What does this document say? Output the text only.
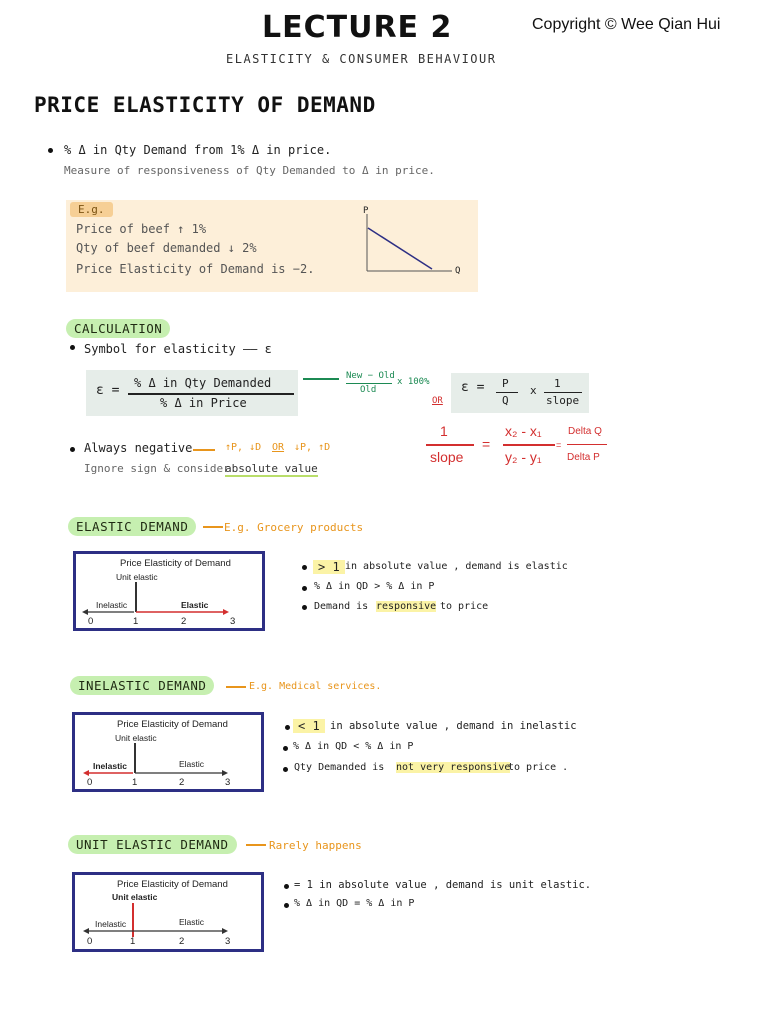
LECTURE 2
ELASTICITY & CONSUMER BEHAVIOUR
Copyright © Wee Qian Hui
PRICE ELASTICITY OF DEMAND
% Δ in Qty Demand from 1% Δ in price.
Measure of responsiveness of Qty Demanded to Δ in price.
E.g.
Price of beef ↑ 1%
Qty of beef demanded ↓ 2%
Price Elasticity of Demand is −2.
P
Q
CALCULATION
Symbol for elasticity —— ε
ε = % Δ in Qty Demanded
% Δ in Price
New − Old
Old
x 100%
OR
ε = P
Q
x
1
slope
Always negative	↑P, ↓D OR ↓P, ↑D
Ignore sign & consider
absolute value
1
slope
=
x₂ - x₁
y₂ - y₁
=
Delta Q
Delta P
ELASTIC DEMAND	E.g. Grocery products
Price Elasticity of Demand
Unit elastic
Inelastic	Elastic
0	1	2	3
> 1 in absolute value , demand is elastic
% Δ in QD > % Δ in P
Demand is responsive to price
INELASTIC DEMAND	E.g. Medical services.
Price Elasticity of Demand
Unit elastic
Inelastic	Elastic
0	1	2	3
< 1 in absolute value , demand in inelastic
% Δ in QD < % Δ in P
Qty Demanded is not very responsive
to price .
UNIT ELASTIC DEMAND	Rarely happens
Price Elasticity of Demand
Unit elastic
Inelastic	Elastic
0	1	2	3
= 1 in absolute value , demand is unit elastic.
% Δ in QD = % Δ in P
